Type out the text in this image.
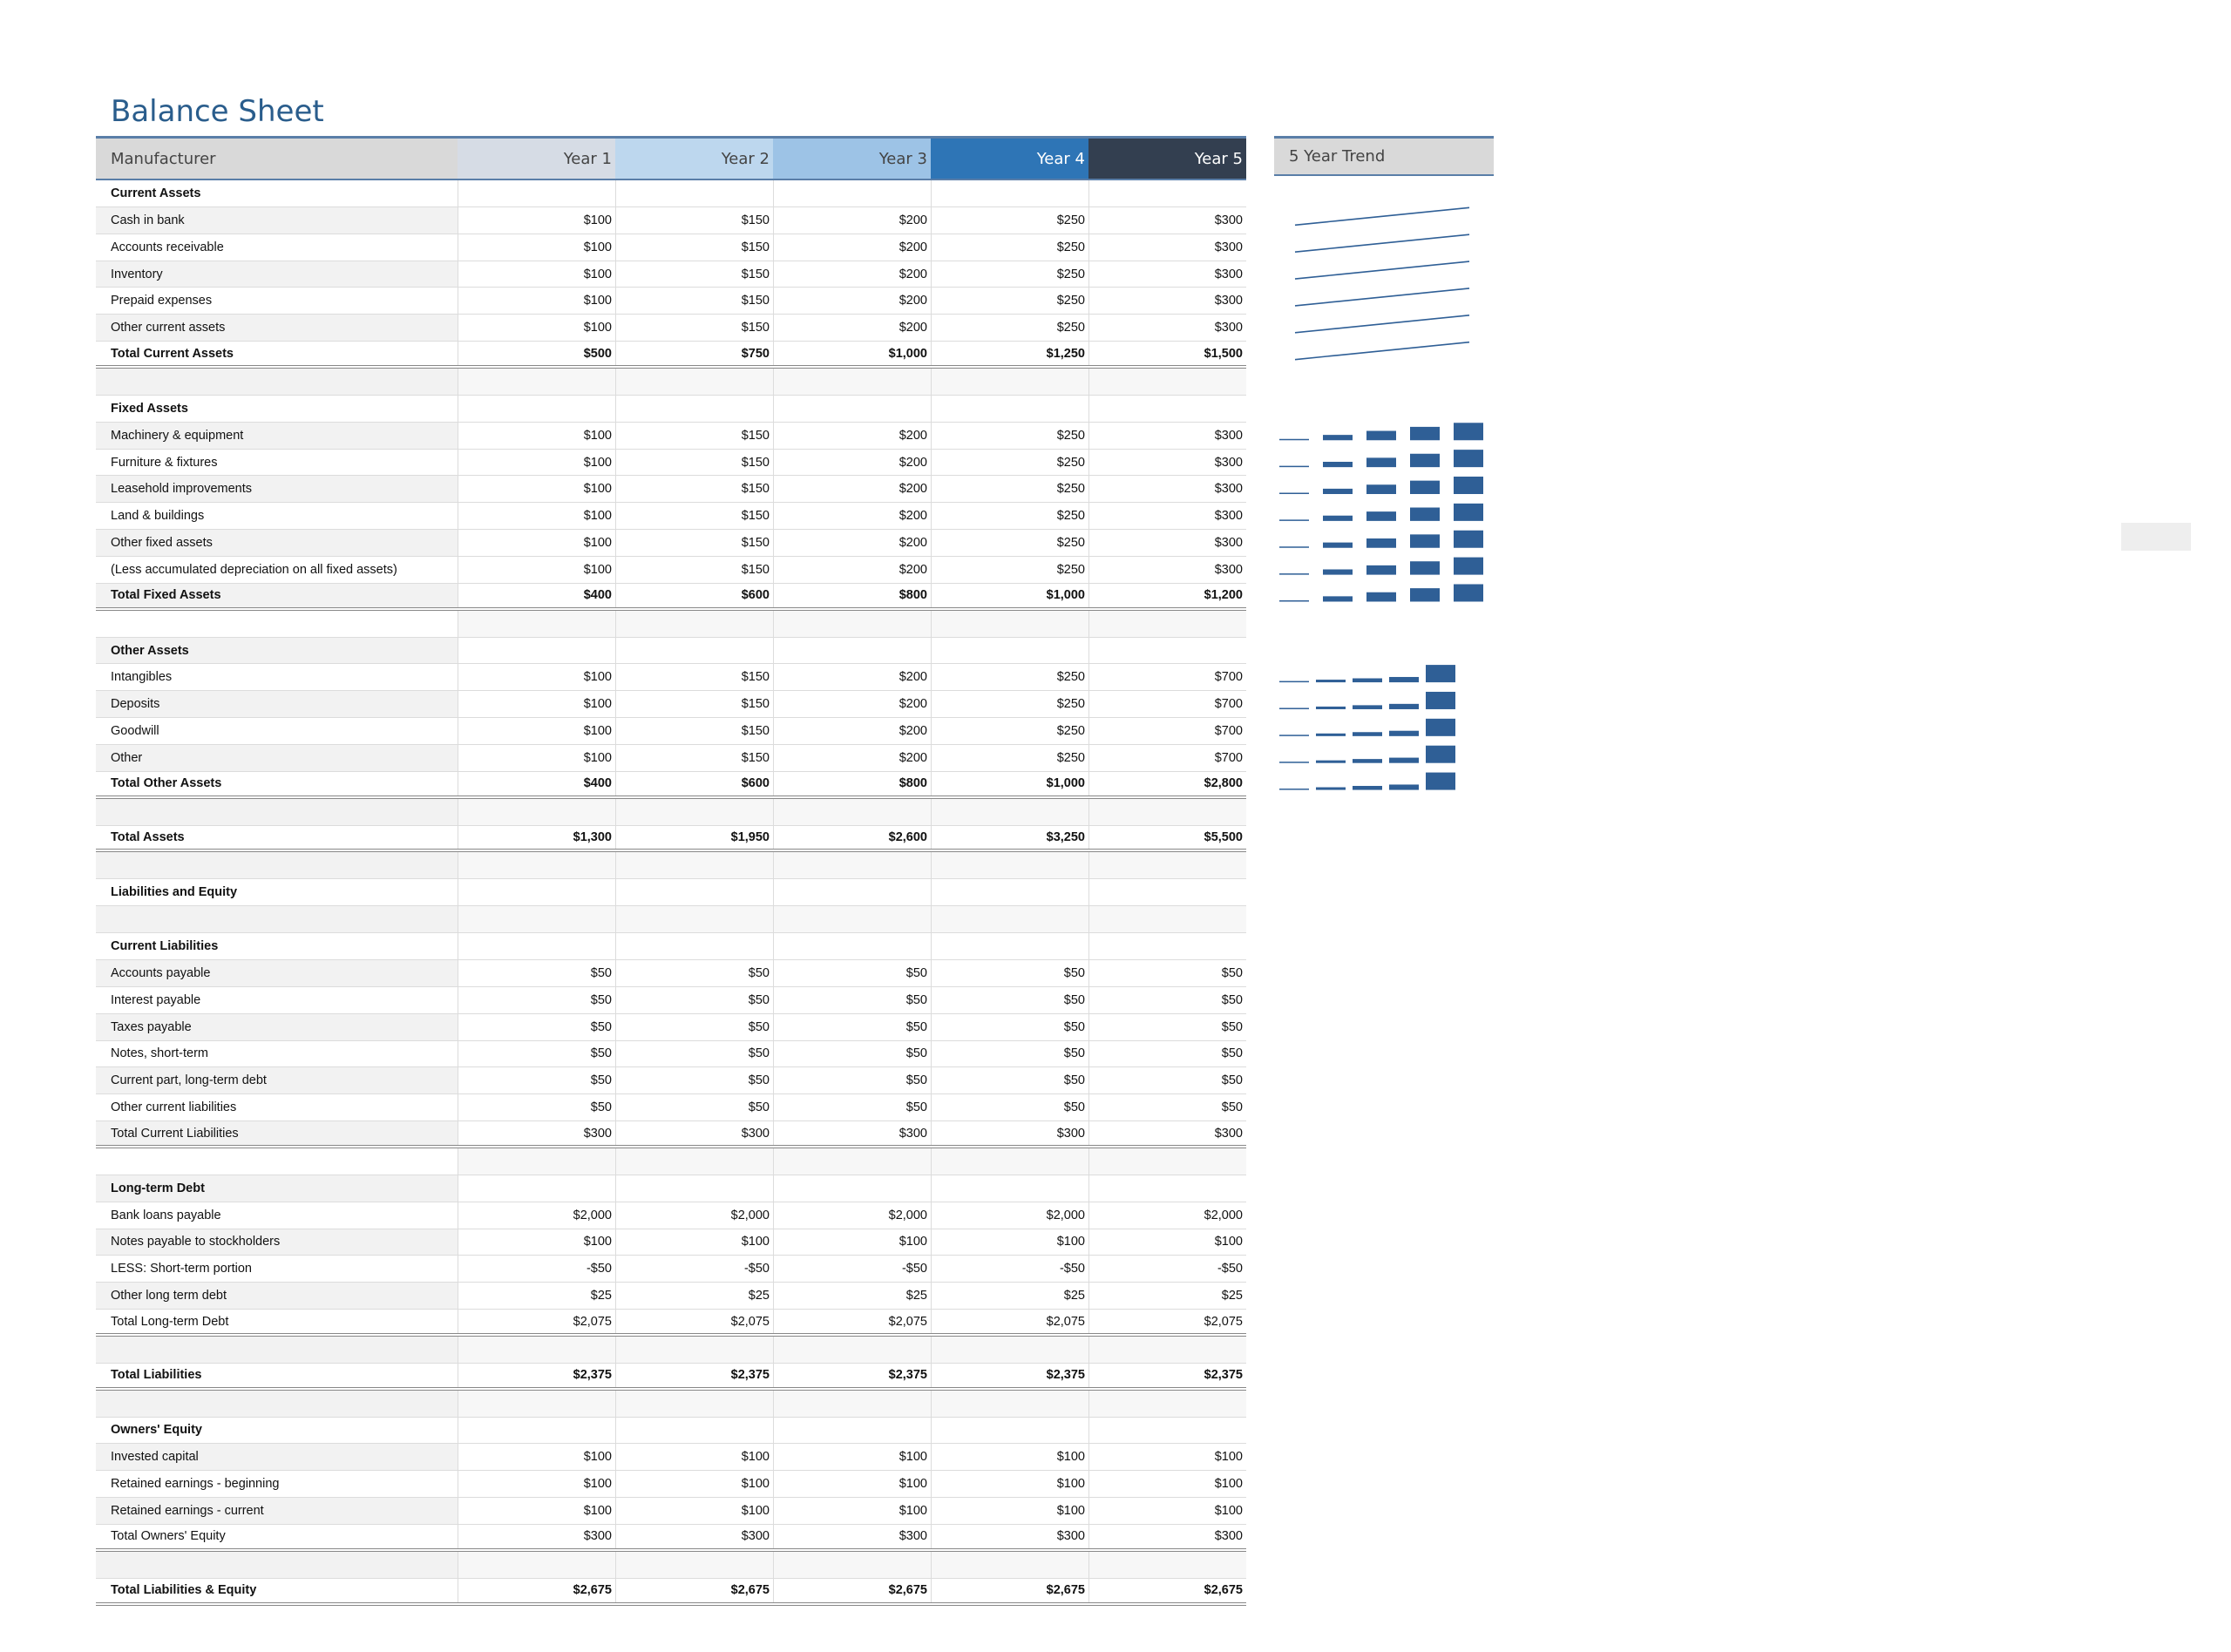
Balance Sheet
Manufacturer	Year 1	Year 2	Year 3	Year 4	Year 5
Current Assets
Cash in bank	$100	$150	$200	$250	$300
Accounts receivable	$100	$150	$200	$250	$300
Inventory	$100	$150	$200	$250	$300
Prepaid expenses	$100	$150	$200	$250	$300
Other current assets	$100	$150	$200	$250	$300
Total Current Assets	$500	$750	$1,000	$1,250	$1,500
Fixed Assets
Machinery & equipment	$100	$150	$200	$250	$300
Furniture & fixtures	$100	$150	$200	$250	$300
Leasehold improvements	$100	$150	$200	$250	$300
Land & buildings	$100	$150	$200	$250	$300
Other fixed assets	$100	$150	$200	$250	$300
(Less accumulated depreciation on all fixed assets)	$100	$150	$200	$250	$300
Total Fixed Assets	$400	$600	$800	$1,000	$1,200
Other Assets
Intangibles	$100	$150	$200	$250	$700
Deposits	$100	$150	$200	$250	$700
Goodwill	$100	$150	$200	$250	$700
Other	$100	$150	$200	$250	$700
Total Other Assets	$400	$600	$800	$1,000	$2,800
Total Assets	$1,300	$1,950	$2,600	$3,250	$5,500
Liabilities and Equity
Current Liabilities
Accounts payable	$50	$50	$50	$50	$50
Interest payable	$50	$50	$50	$50	$50
Taxes payable	$50	$50	$50	$50	$50
Notes, short-term	$50	$50	$50	$50	$50
Current part, long-term debt	$50	$50	$50	$50	$50
Other current liabilities	$50	$50	$50	$50	$50
Total Current Liabilities	$300	$300	$300	$300	$300
Long-term Debt
Bank loans payable	$2,000	$2,000	$2,000	$2,000	$2,000
Notes payable to stockholders	$100	$100	$100	$100	$100
LESS: Short-term portion	-$50	-$50	-$50	-$50	-$50
Other long term debt	$25	$25	$25	$25	$25
Total Long-term Debt	$2,075	$2,075	$2,075	$2,075	$2,075
Total Liabilities	$2,375	$2,375	$2,375	$2,375	$2,375
Owners' Equity
Invested capital	$100	$100	$100	$100	$100
Retained earnings - beginning	$100	$100	$100	$100	$100
Retained earnings - current	$100	$100	$100	$100	$100
Total Owners' Equity	$300	$300	$300	$300	$300
Total Liabilities & Equity	$2,675	$2,675	$2,675	$2,675	$2,675
5 Year Trend
